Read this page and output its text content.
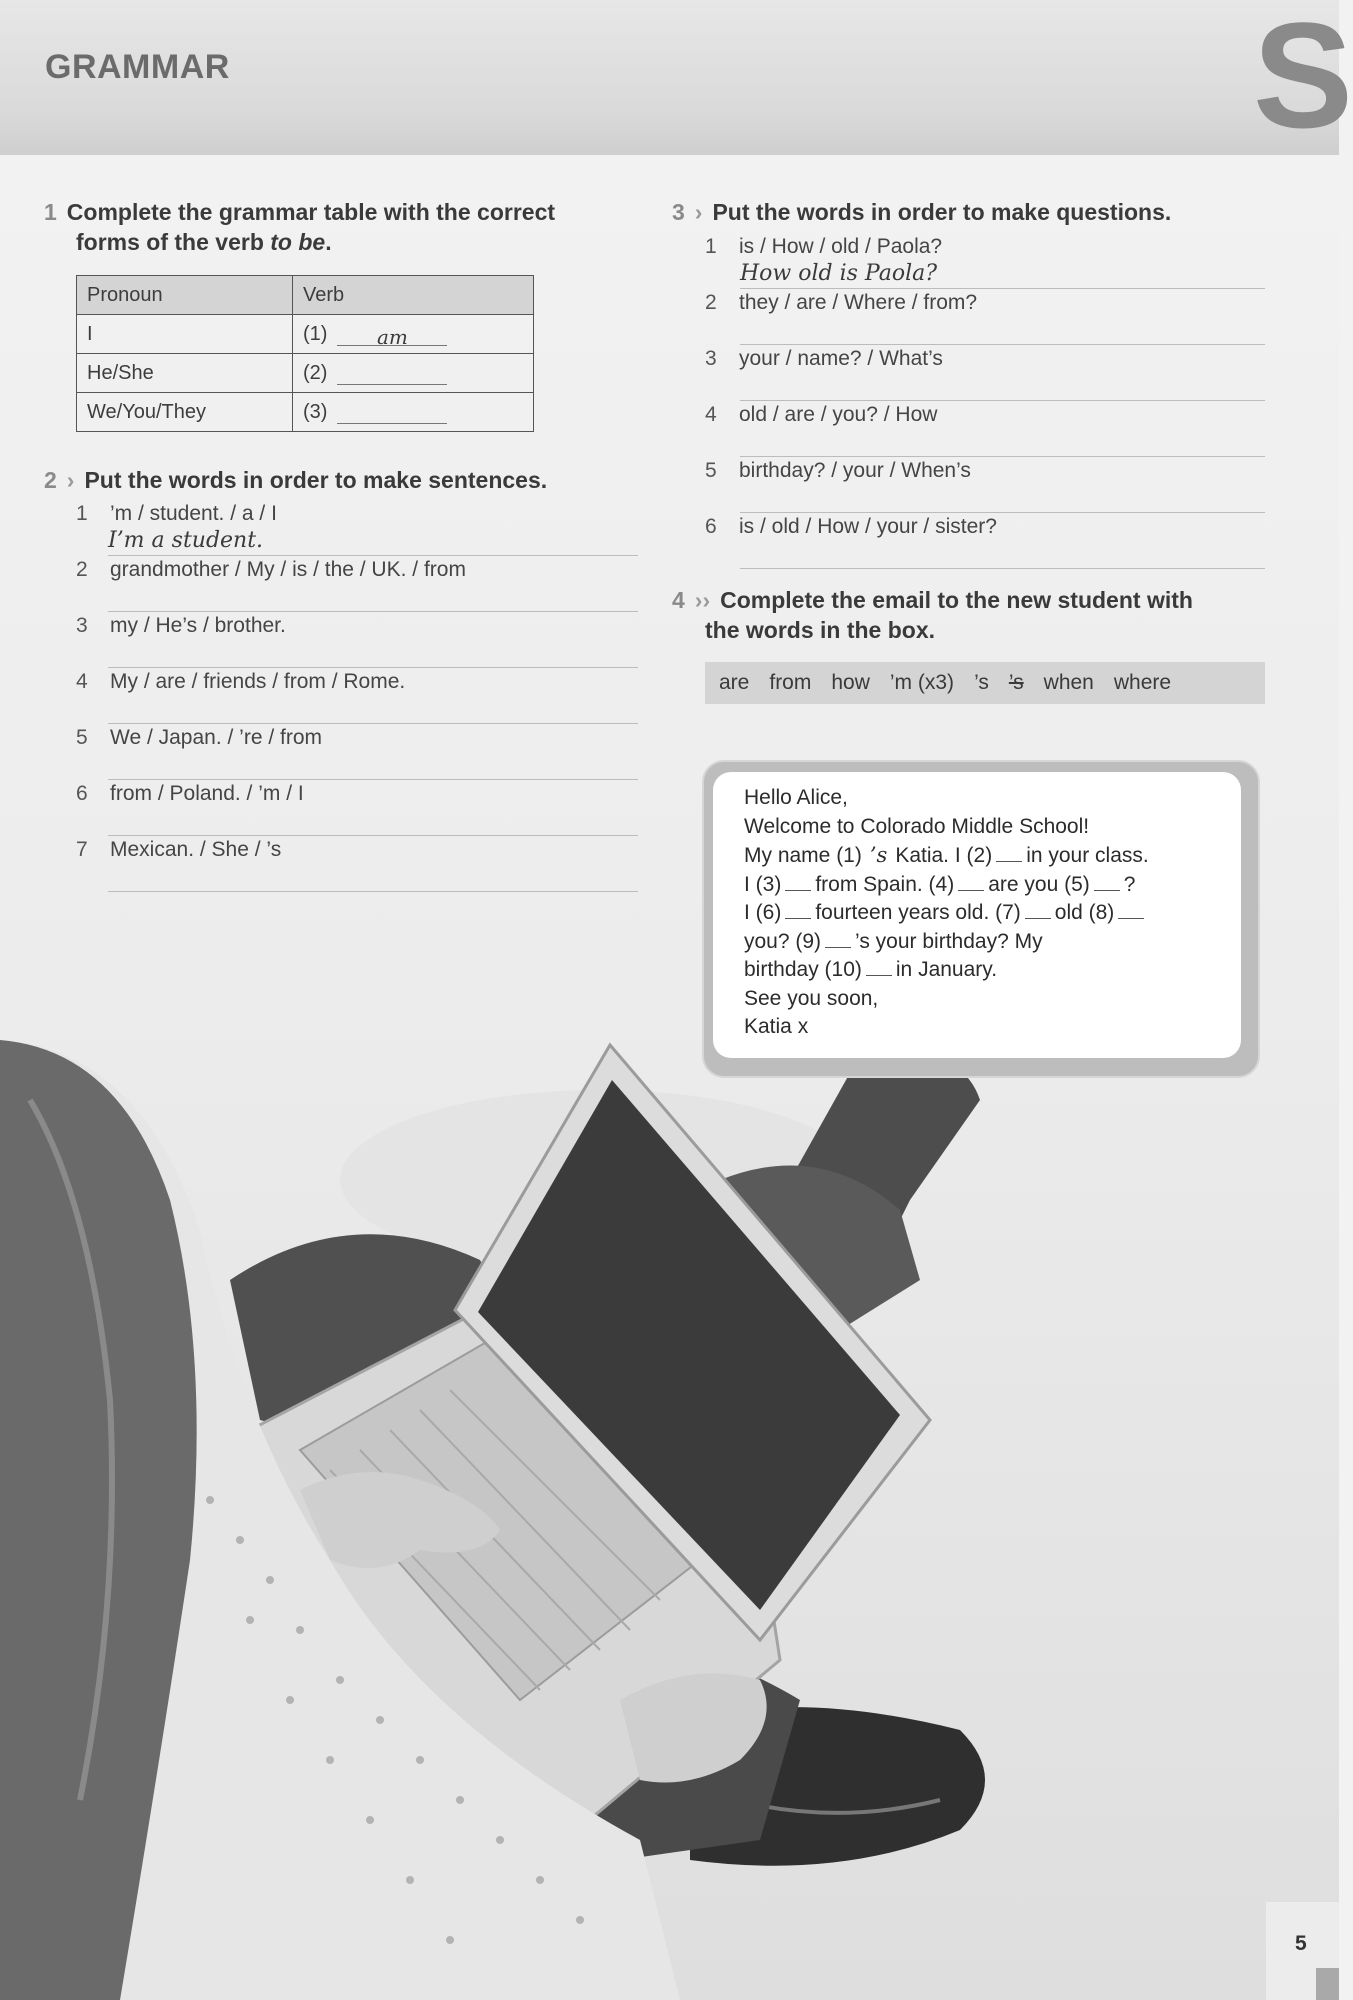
GRAMMAR	S
1 Complete the grammar table with the correct
forms of the verb to be.
Pronoun	Verb
I	(1) am
He/She	(2)
We/You/They	(3)
2 › Put the words in order to make sentences.
1 ’m / student. / a / I
I’m a student.
2 grandmother / My / is / the / UK. / from
3 my / He’s / brother.
4 My / are / friends / from / Rome.
5 We / Japan. / ’re / from
6 from / Poland. / ’m / I
7 Mexican. / She / ’s
3 › Put the words in order to make questions.
1 is / How / old / Paola?
How old is Paola?
2 they / are / Where / from?
3 your / name? / What’s
4 old / are / you? / How
5 birthday? / your / When’s
6 is / old / How / your / sister?
4 ›› Complete the email to the new student with
the words in the box.
are from how ’m (x3) ’s ’s when where
Hello Alice,
Welcome to Colorado Middle School!
My name (1) ’s Katia. I (2) in your class.
I (3) from Spain. (4) are you (5) ?
I (6) fourteen years old. (7) old (8)
you? (9) ’s your birthday? My
birthday (10) in January.
See you soon,
Katia x
5
